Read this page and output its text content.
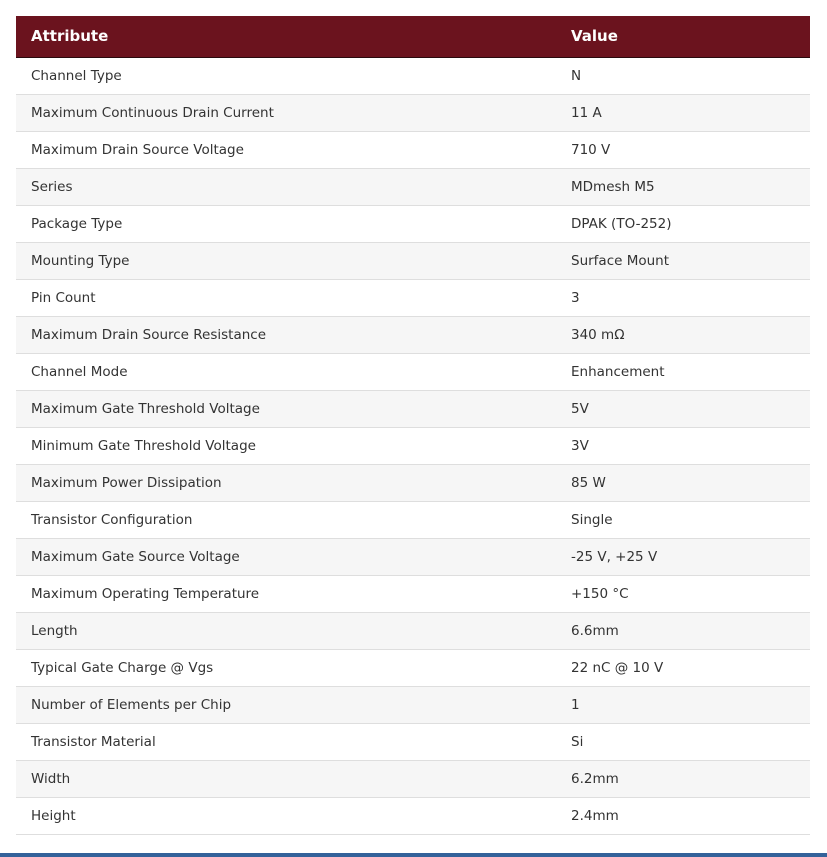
Attribute	Value
Channel Type	N
Maximum Continuous Drain Current	11 A
Maximum Drain Source Voltage	710 V
Series	MDmesh M5
Package Type	DPAK (TO-252)
Mounting Type	Surface Mount
Pin Count	3
Maximum Drain Source Resistance	340 mΩ
Channel Mode	Enhancement
Maximum Gate Threshold Voltage	5V
Minimum Gate Threshold Voltage	3V
Maximum Power Dissipation	85 W
Transistor Configuration	Single
Maximum Gate Source Voltage	-25 V, +25 V
Maximum Operating Temperature	+150 °C
Length	6.6mm
Typical Gate Charge @ Vgs	22 nC @ 10 V
Number of Elements per Chip	1
Transistor Material	Si
Width	6.2mm
Height	2.4mm
